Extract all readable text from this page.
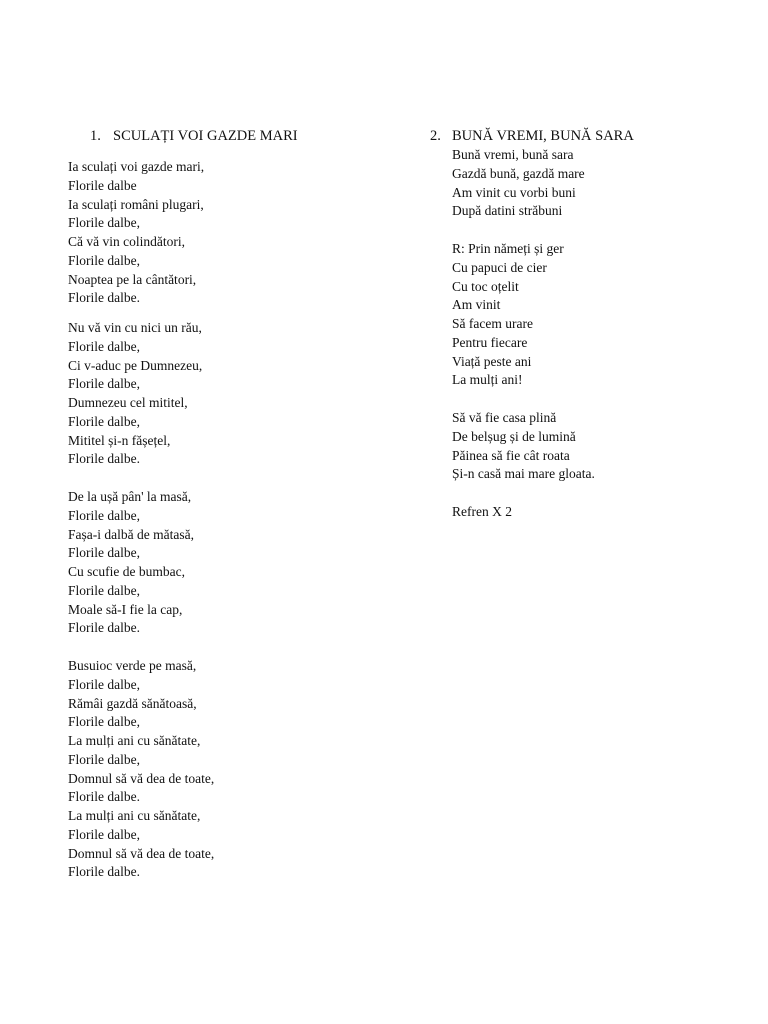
1. SCULAȚI VOI GAZDE MARI
Ia sculați voi gazde mari,
Florile dalbe
Ia sculați români plugari,
Florile dalbe,
Că vă vin colindători,
Florile dalbe,
Noaptea pe la cântători,
Florile dalbe.
Nu vă vin cu nici un rău,
Florile dalbe,
Ci v-aduc pe Dumnezeu,
Florile dalbe,
Dumnezeu cel mititel,
Florile dalbe,
Mititel și-n fășețel,
Florile dalbe.
De la ușă pân' la masă,
Florile dalbe,
Fașa-i dalbă de mătasă,
Florile dalbe,
Cu scufie de bumbac,
Florile dalbe,
Moale să-I fie la cap,
Florile dalbe.
Busuioc verde pe masă,
Florile dalbe,
Rămâi gazdă sănătoasă,
Florile dalbe,
La mulți ani cu sănătate,
Florile dalbe,
Domnul să vă dea de toate,
Florile dalbe.
La mulți ani cu sănătate,
Florile dalbe,
Domnul să vă dea de toate,
Florile dalbe.
2. BUNĂ VREMI, BUNĂ SARA
Bună vremi, bună sara
Gazdă bună, gazdă mare
Am vinit cu vorbi buni
După datini străbuni
R: Prin nămeți și ger
Cu papuci de cier
Cu toc oțelit
Am vinit
Să facem urare
Pentru fiecare
Viață peste ani
La mulți ani!
Să vă fie casa plină
De belșug și de lumină
Păinea să fie cât roata
Și-n casă mai mare gloata.
Refren X 2
